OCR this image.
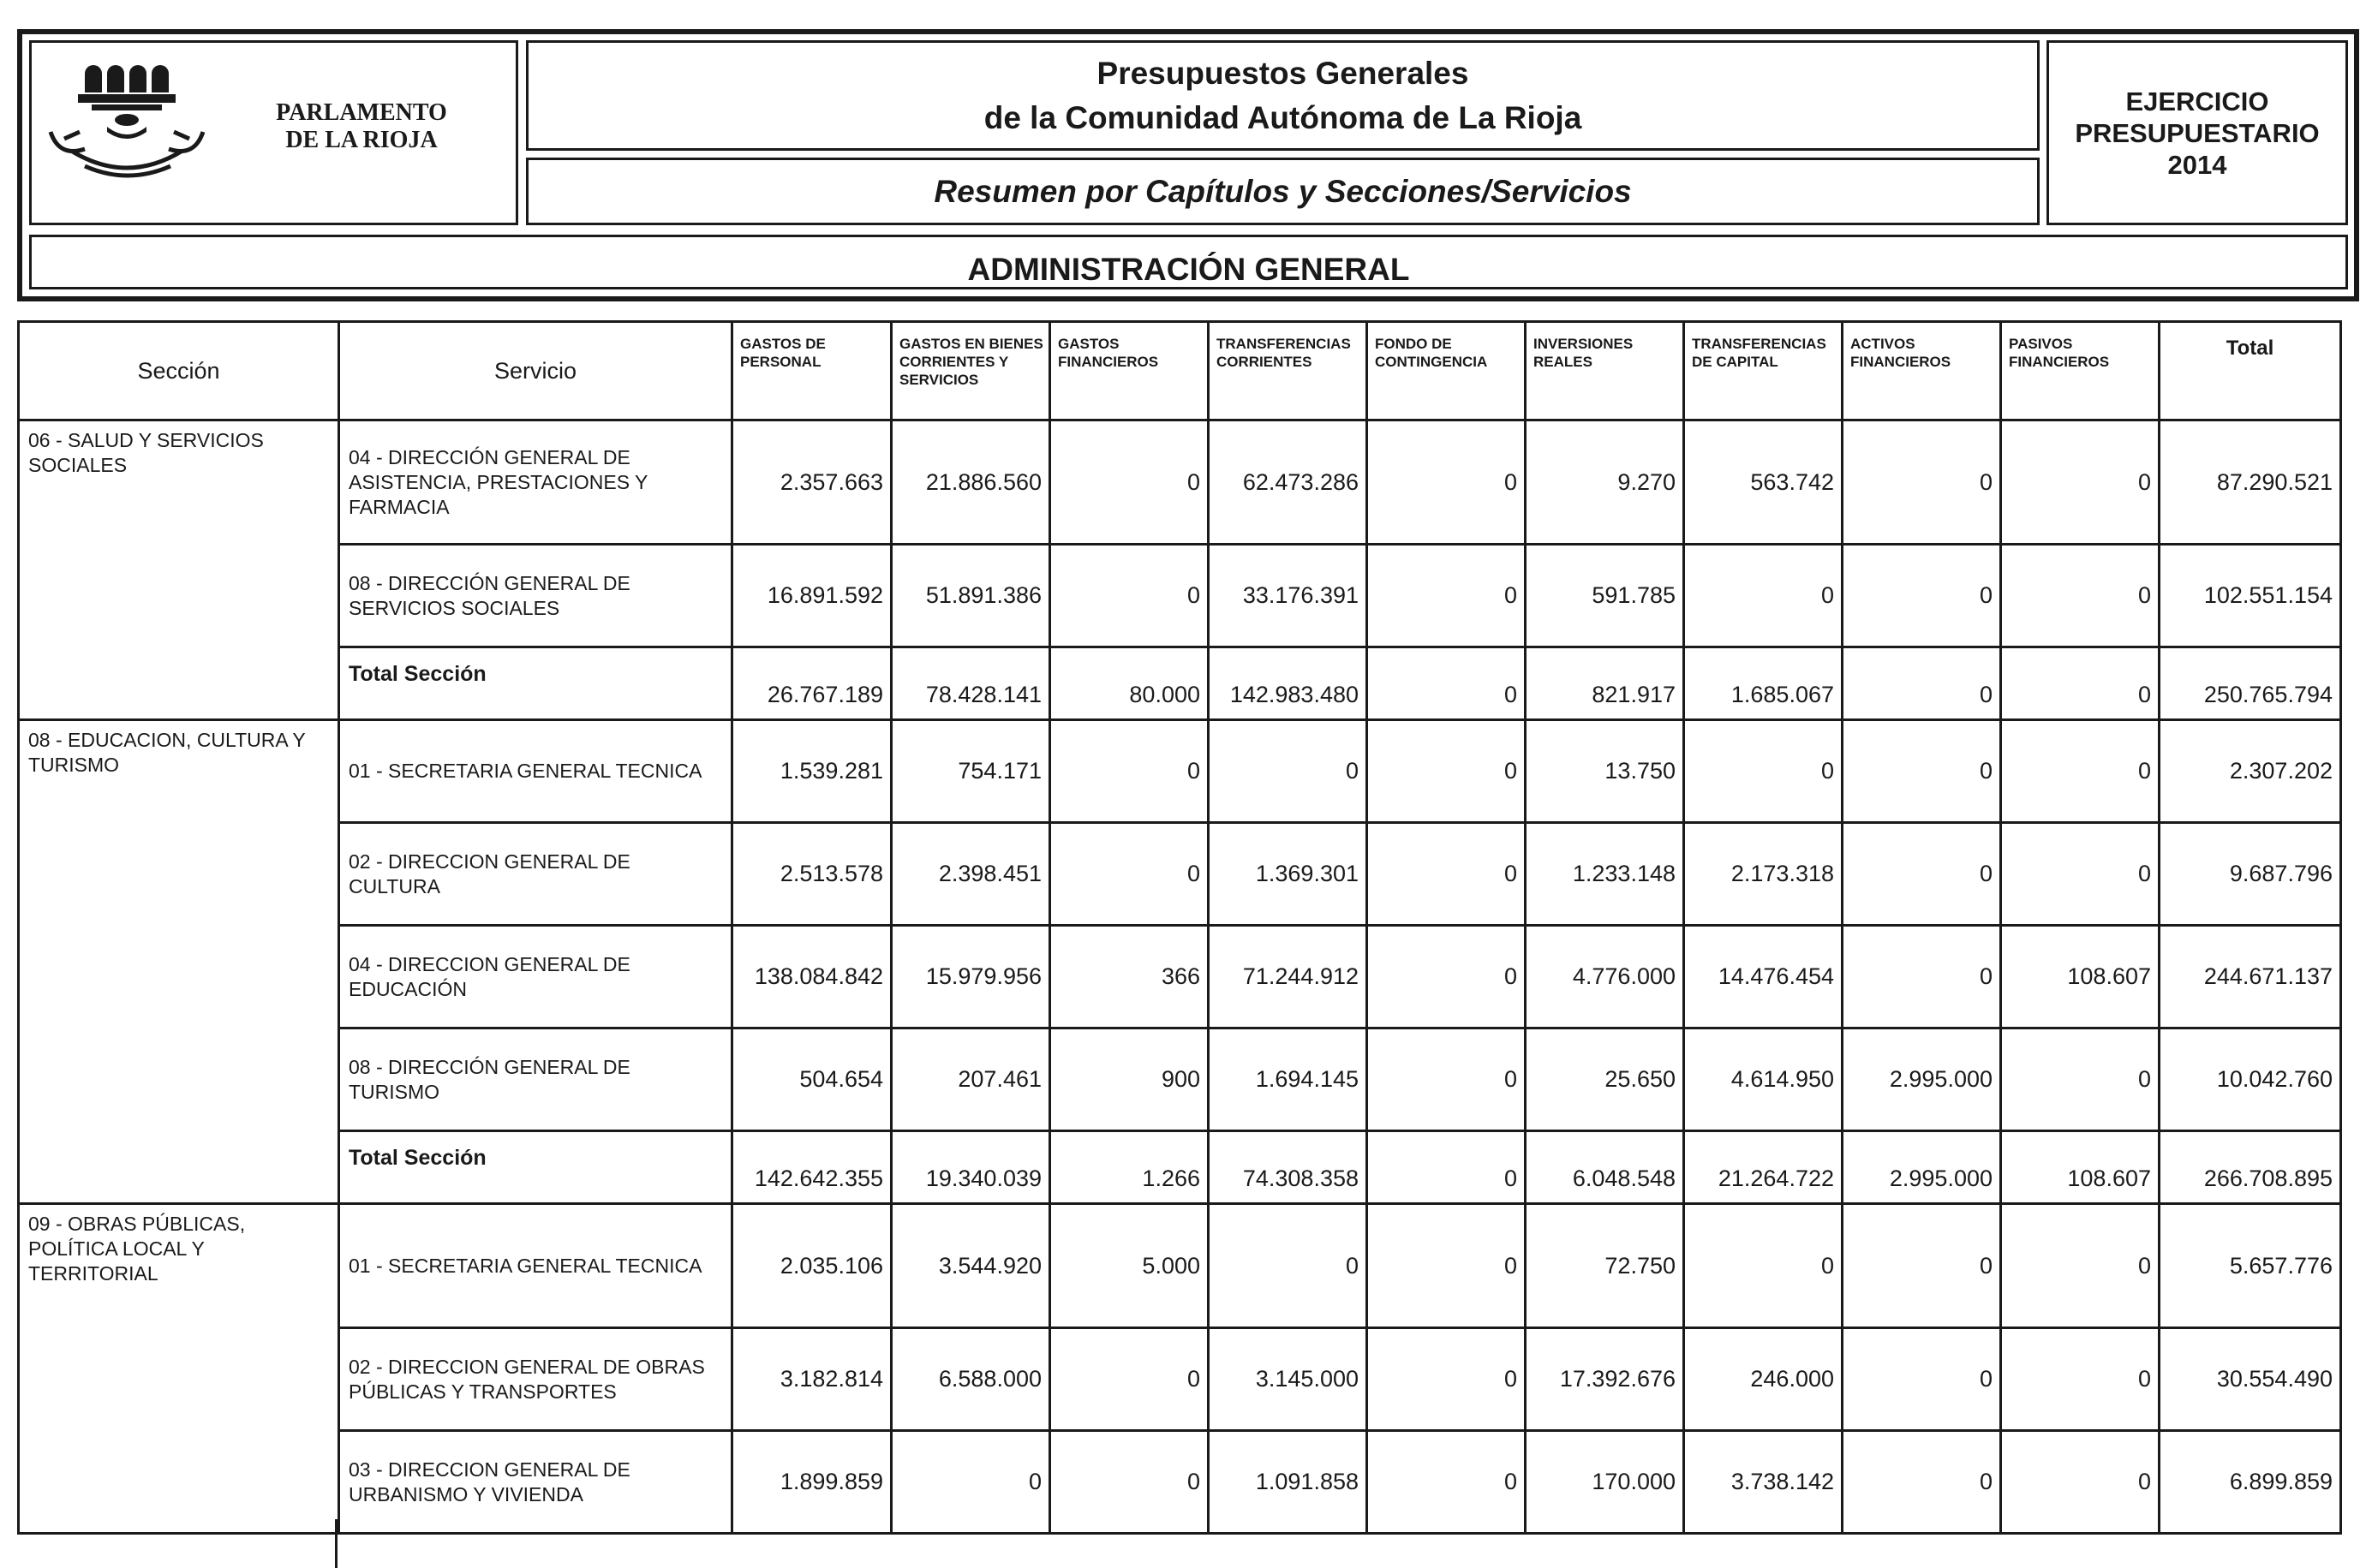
PARLAMENTO
DE LA RIOJA
Presupuestos Generales
de la Comunidad Autónoma de La Rioja
Resumen por Capítulos y Secciones/Servicios
EJERCICIO
PRESUPUESTARIO
2014
ADMINISTRACIÓN GENERAL
Sección	Servicio	GASTOS DE PERSONAL	GASTOS EN BIENES CORRIENTES Y SERVICIOS	GASTOS FINANCIEROS	TRANSFERENCIAS CORRIENTES	FONDO DE CONTINGENCIA	INVERSIONES REALES	TRANSFERENCIAS DE CAPITAL	ACTIVOS FINANCIEROS	PASIVOS FINANCIEROS	Total
06 - SALUD Y SERVICIOS SOCIALES	04 - DIRECCIÓN GENERAL DE ASISTENCIA, PRESTACIONES Y FARMACIA	2.357.663	21.886.560	0	62.473.286	0	9.270	563.742	0	0	87.290.521
	08 - DIRECCIÓN GENERAL DE SERVICIOS SOCIALES	16.891.592	51.891.386	0	33.176.391	0	591.785	0	0	0	102.551.154
	Total Sección	26.767.189	78.428.141	80.000	142.983.480	0	821.917	1.685.067	0	0	250.765.794
08 - EDUCACION, CULTURA Y TURISMO	01 - SECRETARIA GENERAL TECNICA	1.539.281	754.171	0	0	0	13.750	0	0	0	2.307.202
	02 - DIRECCION GENERAL DE CULTURA	2.513.578	2.398.451	0	1.369.301	0	1.233.148	2.173.318	0	0	9.687.796
	04 - DIRECCION GENERAL DE EDUCACIÓN	138.084.842	15.979.956	366	71.244.912	0	4.776.000	14.476.454	0	108.607	244.671.137
	08 - DIRECCIÓN GENERAL DE TURISMO	504.654	207.461	900	1.694.145	0	25.650	4.614.950	2.995.000	0	10.042.760
	Total Sección	142.642.355	19.340.039	1.266	74.308.358	0	6.048.548	21.264.722	2.995.000	108.607	266.708.895
09 - OBRAS PÚBLICAS, POLÍTICA LOCAL Y TERRITORIAL	01 - SECRETARIA GENERAL TECNICA	2.035.106	3.544.920	5.000	0	0	72.750	0	0	0	5.657.776
	02 - DIRECCION GENERAL DE OBRAS PÚBLICAS Y TRANSPORTES	3.182.814	6.588.000	0	3.145.000	0	17.392.676	246.000	0	0	30.554.490
	03 - DIRECCION GENERAL DE URBANISMO Y VIVIENDA	1.899.859	0	0	1.091.858	0	170.000	3.738.142	0	0	6.899.859
